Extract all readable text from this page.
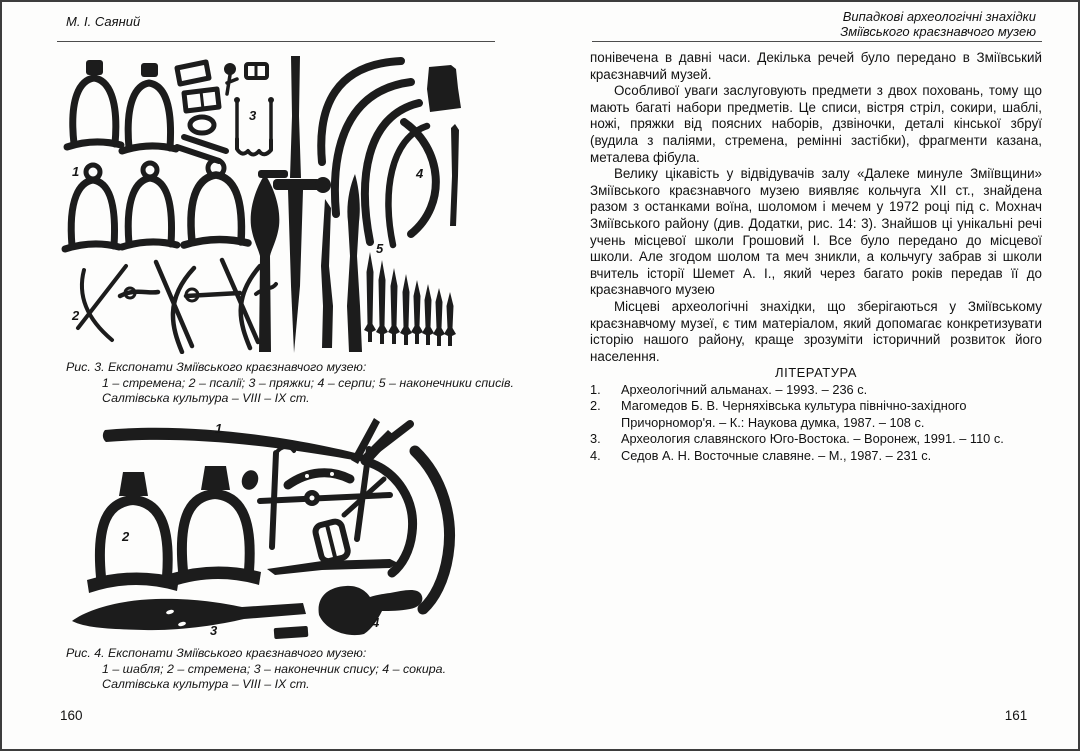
М. І. Саяний	Випадкові археологічні знахідки
Зміївського краєзнавчого музею
1
2
3
4
5
Рис. 3. Експонати Зміївського краєзнавчого музею:
1 – стремена; 2 – псалії; 3 – пряжки; 4 – серпи; 5 – наконечники списів.
Салтівська культура – VIII – IX ст.
1
2
3
4
Рис. 4. Експонати Зміївського краєзнавчого музею:
1 – шабля; 2 – стремена; 3 – наконечник спису; 4 – сокира.
Салтівська культура – VIII – IX ст.

понівечена в давні часи. Декілька речей було передано в Зміївський краєзнавчий музей.

Особливої уваги заслуговують предмети з двох поховань, тому що мають багаті набори предметів. Це списи, вістря стріл, сокири, шаблі, ножі, пряжки від поясних наборів, дзвіночки, деталі кінської збруї (вудила з паліями, стремена, ремінні застібки), фрагменти казана, металева фібула.

Велику цікавість у відвідувачів залу «Далеке минуле Зміївщини» Зміївського краєзнавчого музею виявляє кольчуга XII ст., знайдена разом з останками воїна, шоломом і мечем у 1972 році під с. Мохнач Зміївського району (див. Додатки, рис. 14: 3). Знайшов ці унікальні речі учень місцевої школи Грошовий І. Все було передано до місцевої школи. Але згодом шолом та меч зникли, а кольчугу забрав зі школи вчитель історії Шемет А. І., який через багато років передав її до краєзнавчого музею

Місцеві археологічні знахідки, що зберігаються у Зміївському краєзнавчому музеї, є тим матеріалом, який допомагає конкретизувати історію нашого району, краще зрозуміти історичний розвиток його населення.

ЛІТЕРАТУРА

1.	Археологічний альманах. – 1993. – 236 с.
2.	Магомедов Б. В. Черняхівська культура північно-західного Причорномор'я. – К.: Наукова думка, 1987. – 108 с.
3.	Археология славянского Юго-Востока. – Воронеж, 1991. – 110 с.
4.	Седов А. Н. Восточные славяне. – М., 1987. – 231 с.
160	161
